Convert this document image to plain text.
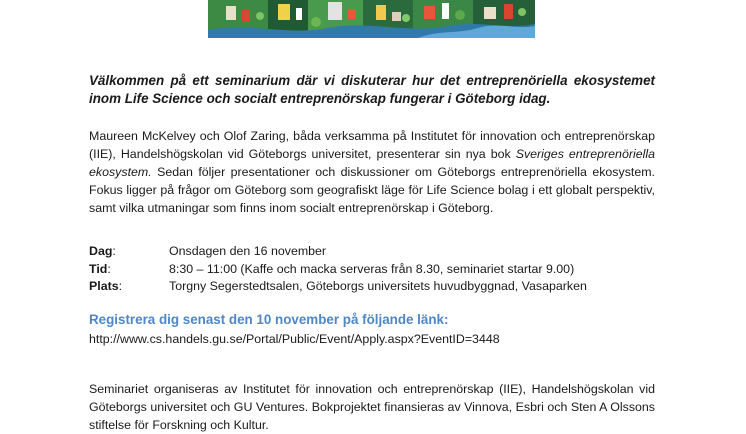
Välkommen på ett seminarium där vi diskuterar hur det entreprenöriella ekosystemet inom Life Science och socialt entreprenörskap fungerar i Göteborg idag.

Maureen McKelvey och Olof Zaring, båda verksamma på Institutet för innovation och entreprenörskap (IIE), Handelshögskolan vid Göteborgs universitet, presenterar sin nya bok Sveriges entreprenöriella ekosystem. Sedan följer presentationer och diskussioner om Göteborgs entreprenöriella ekosystem. Fokus ligger på frågor om Göteborg som geografiskt läge för Life Science bolag i ett globalt perspektiv, samt vilka utmaningar som finns inom socialt entreprenörskap i Göteborg.

Dag:	Onsdagen den 16 november
Tid:	8:30 – 11:00 (Kaffe och macka serveras från 8.30, seminariet startar 9.00)
Plats:	Torgny Segerstedtsalen, Göteborgs universitets huvudbyggnad, Vasaparken

Registrera dig senast den 10 november på följande länk:

http://www.cs.handels.gu.se/Portal/Public/Event/Apply.aspx?EventID=3448

Seminariet organiseras av Institutet för innovation och entreprenörskap (IIE), Handelshögskolan vid Göteborgs universitet och GU Ventures. Bokprojektet finansieras av Vinnova, Esbri och Sten A Olssons stiftelse för Forskning och Kultur.
